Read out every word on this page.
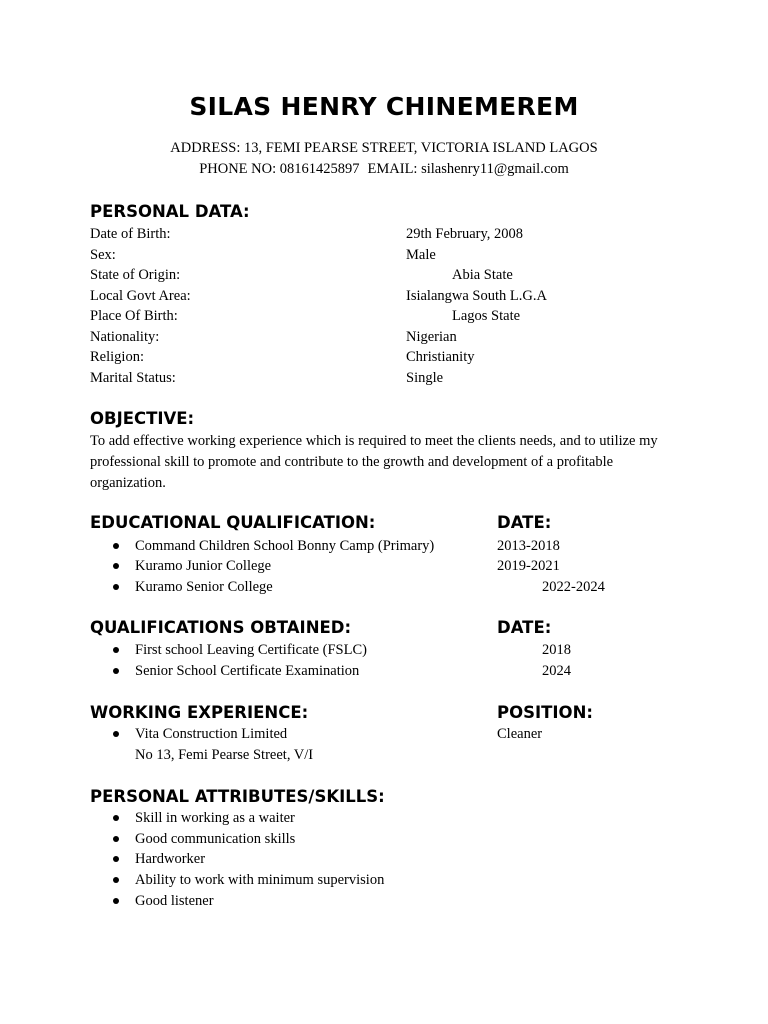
SILAS HENRY CHINEMEREM
ADDRESS: 13, FEMI PEARSE STREET, VICTORIA ISLAND LAGOS
PHONE NO: 08161425897 EMAIL: silashenry11@gmail.com
PERSONAL DATA:
Date of Birth:	29th February, 2008
Sex:	Male
State of Origin:	Abia State
Local Govt Area:	Isialangwa South L.G.A
Place Of Birth:	Lagos State
Nationality:	Nigerian
Religion:	Christianity
Marital Status:	Single
OBJECTIVE:
To add effective working experience which is required to meet the clients needs, and to utilize my professional skill to promote and contribute to the growth and development of a profitable organization.
EDUCATIONAL QUALIFICATION:	DATE:
Command Children School Bonny Camp (Primary)	2013-2018
Kuramo Junior College	2019-2021
Kuramo Senior College	2022-2024
QUALIFICATIONS OBTAINED:	DATE:
First school Leaving Certificate (FSLC)	2018
Senior School Certificate Examination	2024
WORKING EXPERIENCE:	POSITION:
Vita Construction Limited	Cleaner
No 13, Femi Pearse Street, V/I
PERSONAL ATTRIBUTES/SKILLS:
Skill in working as a waiter
Good communication skills
Hardworker
Ability to work with minimum supervision
Good listener
